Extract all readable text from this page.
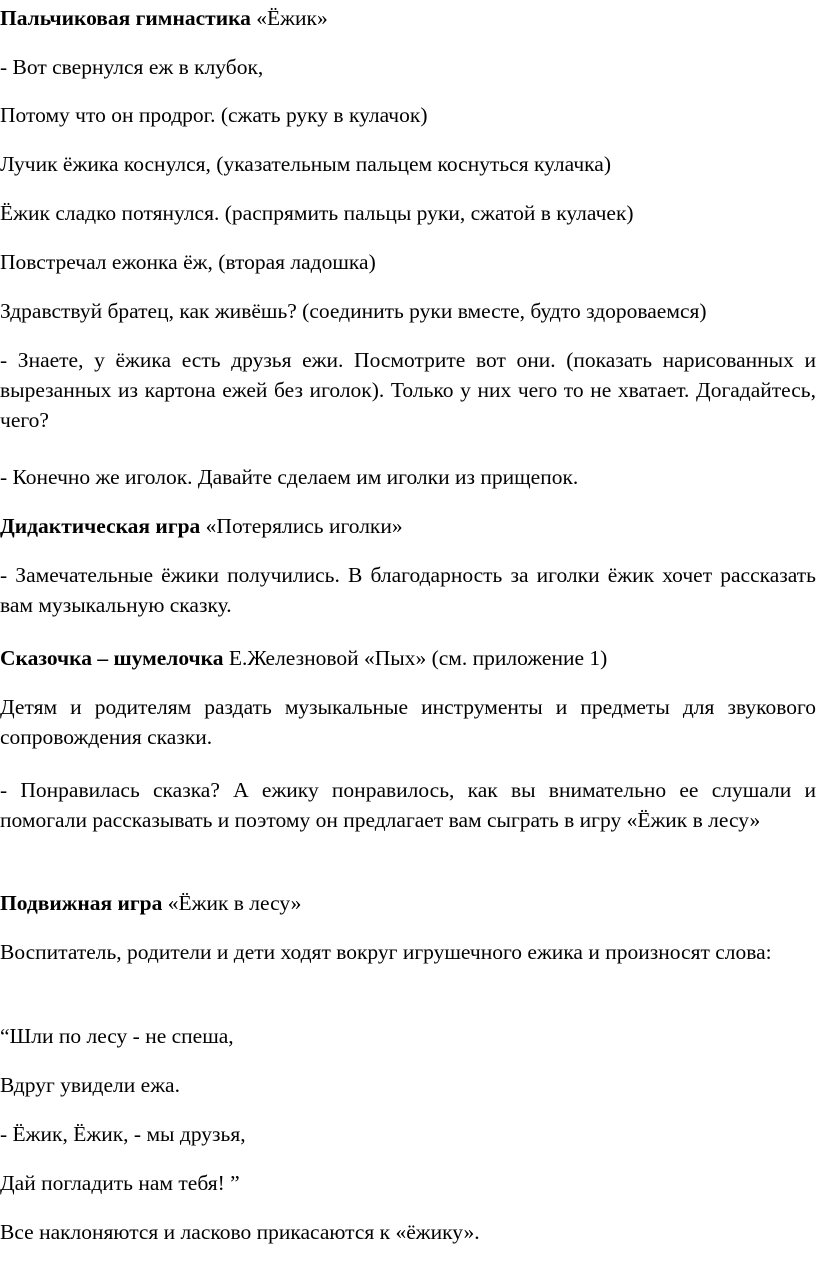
Пальчиковая гимнастика «Ёжик»

- Вот свернулся еж в клубок,

Потому что он продрог. (сжать руку в кулачок)

Лучик ёжика коснулся, (указательным пальцем коснуться кулачка)

Ёжик сладко потянулся. (распрямить пальцы руки, сжатой в кулачек)

Повстречал ежонка ёж, (вторая ладошка)

Здравствуй братец, как живёшь? (соединить руки вместе, будто здороваемся)

- Знаете, у ёжика есть друзья ежи. Посмотрите вот они. (показать нарисованных и вырезанных из картона ежей без иголок). Только у них чего то не хватает. Догадайтесь, чего?

- Конечно же иголок. Давайте сделаем им иголки из прищепок.

Дидактическая игра «Потерялись иголки»

- Замечательные ёжики получились. В благодарность за иголки ёжик хочет рассказать вам музыкальную сказку.

Сказочка – шумелочка Е.Железновой «Пых» (см. приложение 1)

Детям и родителям раздать музыкальные инструменты и предметы для звукового сопровождения сказки.

- Понравилась сказка? А ежику понравилось, как вы внимательно ее слушали и помогали рассказывать и поэтому он предлагает вам сыграть в игру «Ёжик в лесу»

Подвижная игра «Ёжик в лесу»

Воспитатель, родители и дети ходят вокруг игрушечного ежика и произносят слова:

“Шли по лесу - не спеша,

Вдруг увидели ежа.

- Ёжик, Ёжик, - мы друзья,

Дай погладить нам тебя! ”

Все наклоняются и ласково прикасаются к «ёжику».
